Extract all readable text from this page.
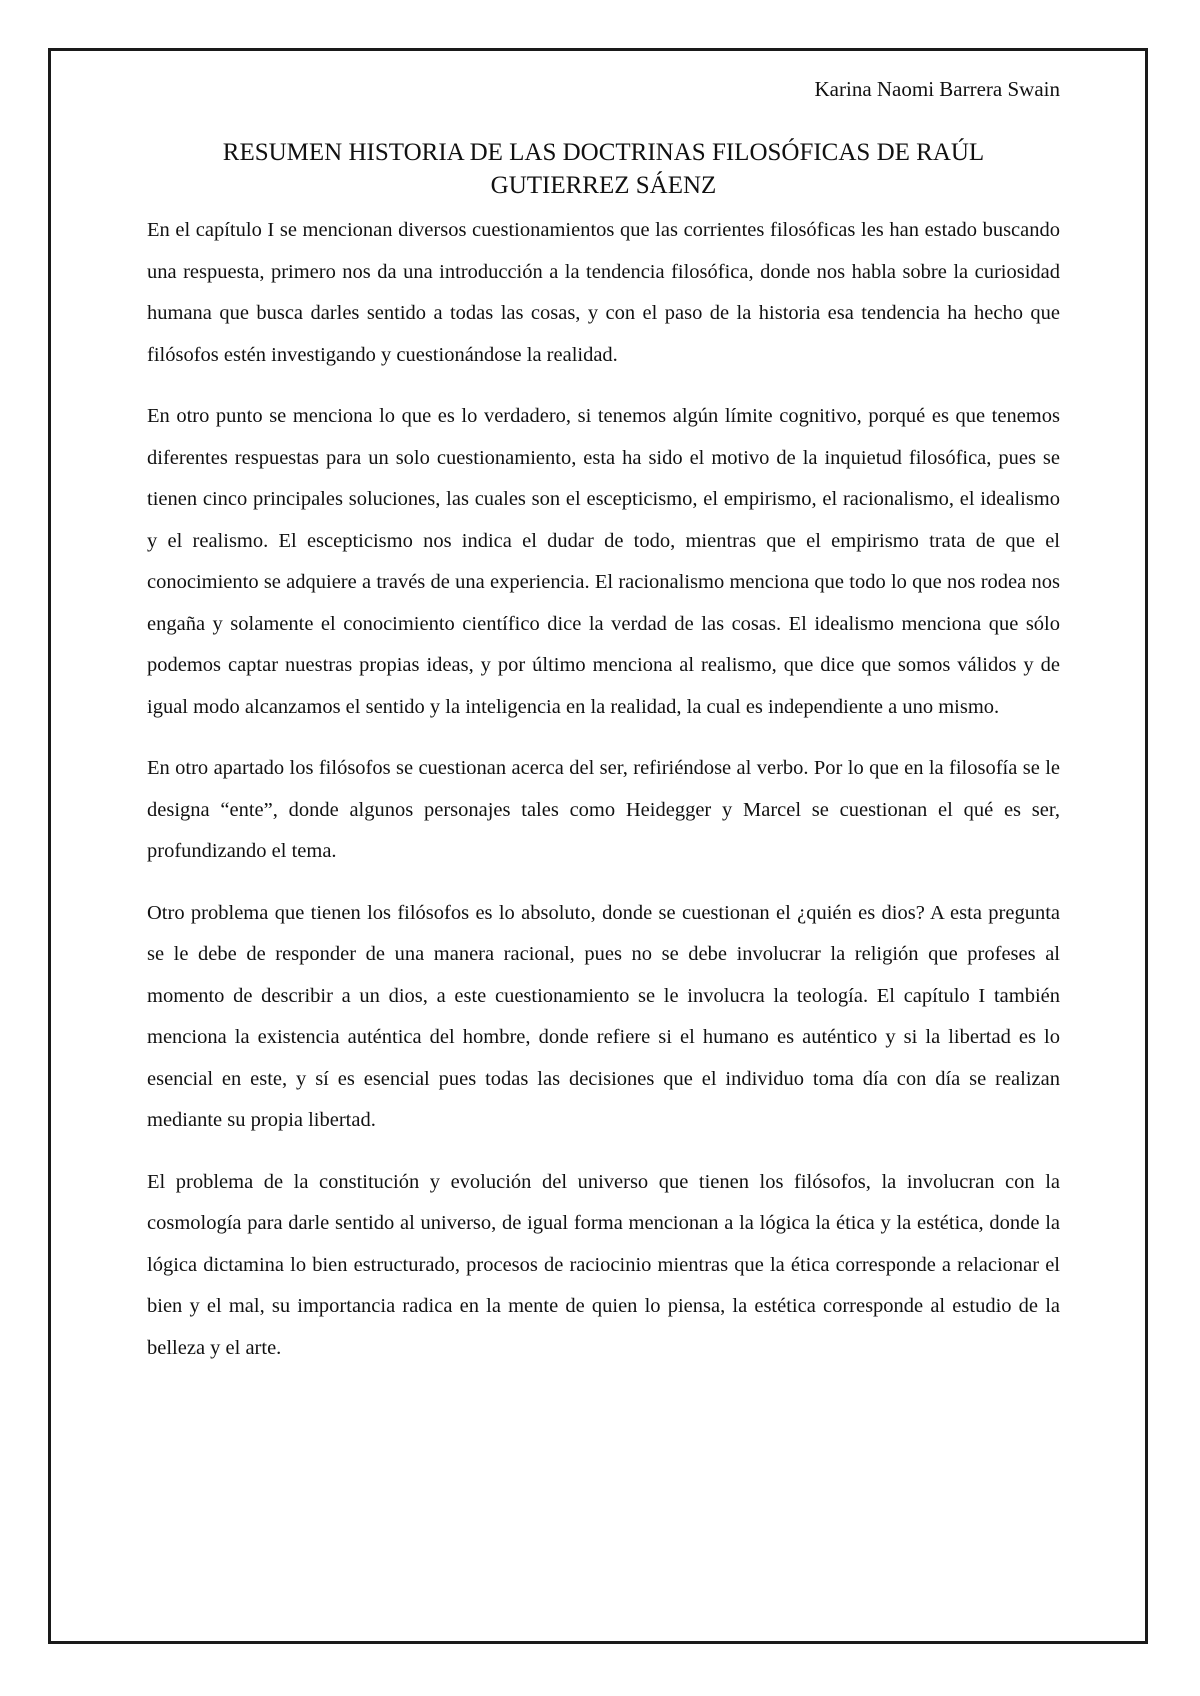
Karina Naomi Barrera Swain
RESUMEN HISTORIA DE LAS DOCTRINAS FILOSÓFICAS DE RAÚL GUTIERREZ SÁENZ

En el capítulo I se mencionan diversos cuestionamientos que las corrientes filosóficas les han estado buscando una respuesta, primero nos da una introducción a la tendencia filosófica, donde nos habla sobre la curiosidad humana que busca darles sentido a todas las cosas, y con el paso de la historia esa tendencia ha hecho que filósofos estén investigando y cuestionándose la realidad.

En otro punto se menciona lo que es lo verdadero, si tenemos algún límite cognitivo, porqué es que tenemos diferentes respuestas para un solo cuestionamiento, esta ha sido el motivo de la inquietud filosófica, pues se tienen cinco principales soluciones, las cuales son el escepticismo, el empirismo, el racionalismo, el idealismo y el realismo. El escepticismo nos indica el dudar de todo, mientras que el empirismo trata de que el conocimiento se adquiere a través de una experiencia. El racionalismo menciona que todo lo que nos rodea nos engaña y solamente el conocimiento científico dice la verdad de las cosas. El idealismo menciona que sólo podemos captar nuestras propias ideas, y por último menciona al realismo, que dice que somos válidos y de igual modo alcanzamos el sentido y la inteligencia en la realidad, la cual es independiente a uno mismo.

En otro apartado los filósofos se cuestionan acerca del ser, refiriéndose al verbo. Por lo que en la filosofía se le designa “ente”, donde algunos personajes tales como Heidegger y Marcel se cuestionan el qué es ser, profundizando el tema.

Otro problema que tienen los filósofos es lo absoluto, donde se cuestionan el ¿quién es dios? A esta pregunta se le debe de responder de una manera racional, pues no se debe involucrar la religión que profeses al momento de describir a un dios, a este cuestionamiento se le involucra la teología. El capítulo I también menciona la existencia auténtica del hombre, donde refiere si el humano es auténtico y si la libertad es lo esencial en este, y sí es esencial pues todas las decisiones que el individuo toma día con día se realizan mediante su propia libertad.

El problema de la constitución y evolución del universo que tienen los filósofos, la involucran con la cosmología para darle sentido al universo, de igual forma mencionan a la lógica la ética y la estética, donde la lógica dictamina lo bien estructurado, procesos de raciocinio mientras que la ética corresponde a relacionar el bien y el mal, su importancia radica en la mente de quien lo piensa, la estética corresponde al estudio de la belleza y el arte.
